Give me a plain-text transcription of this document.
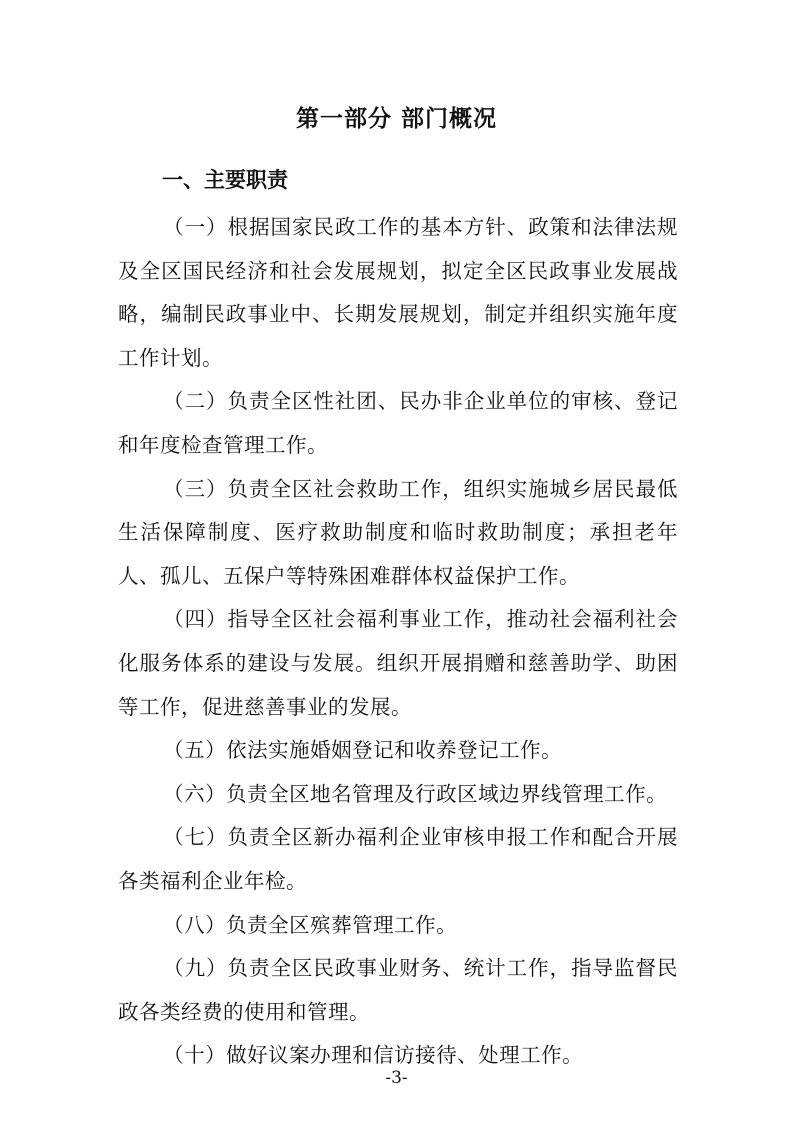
第一部分 部门概况
一、主要职责

（一）根据国家民政工作的基本方针、政策和法律法规及全区国民经济和社会发展规划，拟定全区民政事业发展战略，编制民政事业中、长期发展规划，制定并组织实施年度工作计划。

（二）负责全区性社团、民办非企业单位的审核、登记和年度检查管理工作。

（三）负责全区社会救助工作，组织实施城乡居民最低生活保障制度、医疗救助制度和临时救助制度；承担老年人、孤儿、五保户等特殊困难群体权益保护工作。

（四）指导全区社会福利事业工作，推动社会福利社会化服务体系的建设与发展。组织开展捐赠和慈善助学、助困等工作，促进慈善事业的发展。

（五）依法实施婚姻登记和收养登记工作。

（六）负责全区地名管理及行政区域边界线管理工作。

（七）负责全区新办福利企业审核申报工作和配合开展各类福利企业年检。

（八）负责全区殡葬管理工作。

（九）负责全区民政事业财务、统计工作，指导监督民政各类经费的使用和管理。

（十）做好议案办理和信访接待、处理工作。

-3-
